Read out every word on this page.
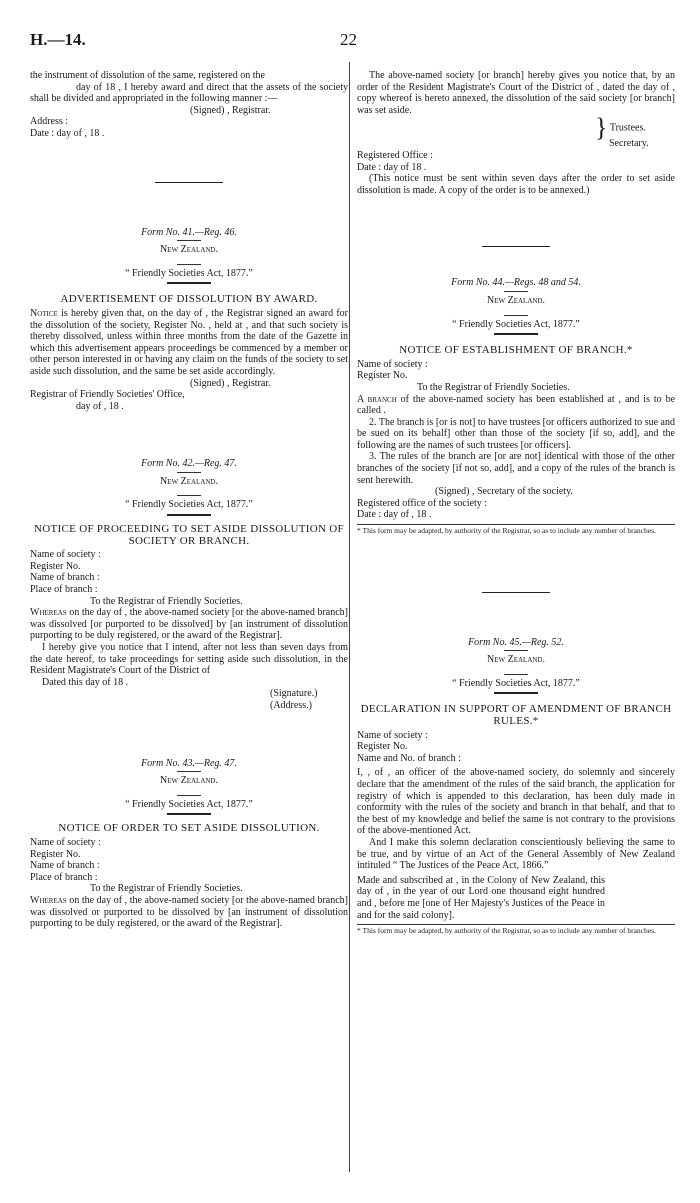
H.—14.	22

the instrument of dissolution of the same, registered on the

day of 18 , I hereby award and direct that the assets of the society shall be divided and appropriated in the following manner :—

(Signed) , Registrar.

Address :

Date : day of , 18 .

Form No. 41.—Reg. 46.

New Zealand.

“ Friendly Societies Act, 1877.”

ADVERTISEMENT OF DISSOLUTION BY AWARD.

Notice is hereby given that, on the day of , the Registrar signed an award for the dissolution of the society, Register No. , held at , and that such society is thereby dissolved, unless within three months from the date of the Gazette in which this advertisement appears proceedings be commenced by a member or other person interested in or having any claim on the funds of the society to set aside such dissolution, and the same be set aside accordingly.

(Signed) , Registrar.

Registrar of Friendly Societies' Office,

day of , 18 .

Form No. 42.—Reg. 47.

New Zealand.

“ Friendly Societies Act, 1877.”

NOTICE OF PROCEEDING TO SET ASIDE DISSOLUTION OF SOCIETY OR BRANCH.

Name of society :

Register No.

Name of branch :

Place of branch :

To the Registrar of Friendly Societies.

Whereas on the day of , the above-named society [or the above-named branch] was dissolved [or purported to be dissolved] by [an instrument of dissolution purporting to be duly registered, or the award of the Registrar].

I hereby give you notice that I intend, after not less than seven days from the date hereof, to take proceedings for setting aside such dissolution, in the Resident Magistrate's Court of the District of

Dated this day of 18 .

(Signature.)

(Address.)

Form No. 43.—Reg. 47.

New Zealand.

“ Friendly Societies Act, 1877.”

NOTICE OF ORDER TO SET ASIDE DISSOLUTION.

Name of society :

Register No.

Name of branch :

Place of branch :

To the Registrar of Friendly Societies.

Whereas on the day of , the above-named society [or the above-named branch] was dissolved or purported to be dissolved by [an instrument of dissolution purporting to be duly registered, or the award of the Registrar].

The above-named society [or branch] hereby gives you notice that, by an order of the Resident Magistrate's Court of the District of , dated the day of , copy whereof is hereto annexed, the dissolution of the said society [or branch] was set aside.

} Trustees.

Secretary.

Registered Office :

Date : day of 18 .

(This notice must be sent within seven days after the order to set aside dissolution is made. A copy of the order is to be annexed.)

Form No. 44.—Regs. 48 and 54.

New Zealand.

“ Friendly Societies Act, 1877.”

NOTICE OF ESTABLISHMENT OF BRANCH.*

Name of society :

Register No.

To the Registrar of Friendly Societies.

A branch of the above-named society has been established at , and is to be called .

2. The branch is [or is not] to have trustees [or officers authorized to sue and be sued on its behalf] other than those of the society [if so, add], and the following are the names of such trustees [or officers].

3. The rules of the branch are [or are not] identical with those of the other branches of the society [if not so, add], and a copy of the rules of the branch is sent herewith.

(Signed) , Secretary of the society.

Registered office of the society :

Date : day of , 18 .

* This form may be adapted, by authority of the Registrar, so as to include any number of branches.

Form No. 45.—Reg. 52.

New Zealand.

“ Friendly Societies Act, 1877.”

DECLARATION IN SUPPORT OF AMENDMENT OF BRANCH RULES.*

Name of society :

Register No.

Name and No. of branch :

I, , of , an officer of the above-named society, do solemnly and sincerely declare that the amendment of the rules of the said branch, the application for registry of which is appended to this declaration, has been duly made in conformity with the rules of the society and branch in that behalf, and that to the best of my knowledge and belief the same is not contrary to the provisions of the above-mentioned Act.

And I make this solemn declaration conscientiously believing the same to be true, and by virtue of an Act of the General Assembly of New Zealand intituled “ The Justices of the Peace Act, 1866.”

Made and subscribed at , in the Colony of New Zealand, this day of , in the year of our Lord one thousand eight hundred and , before me [one of Her Majesty's Justices of the Peace in and for the said colony].

* This form may be adapted, by authority of the Registrar, so as to include any number of branches.
